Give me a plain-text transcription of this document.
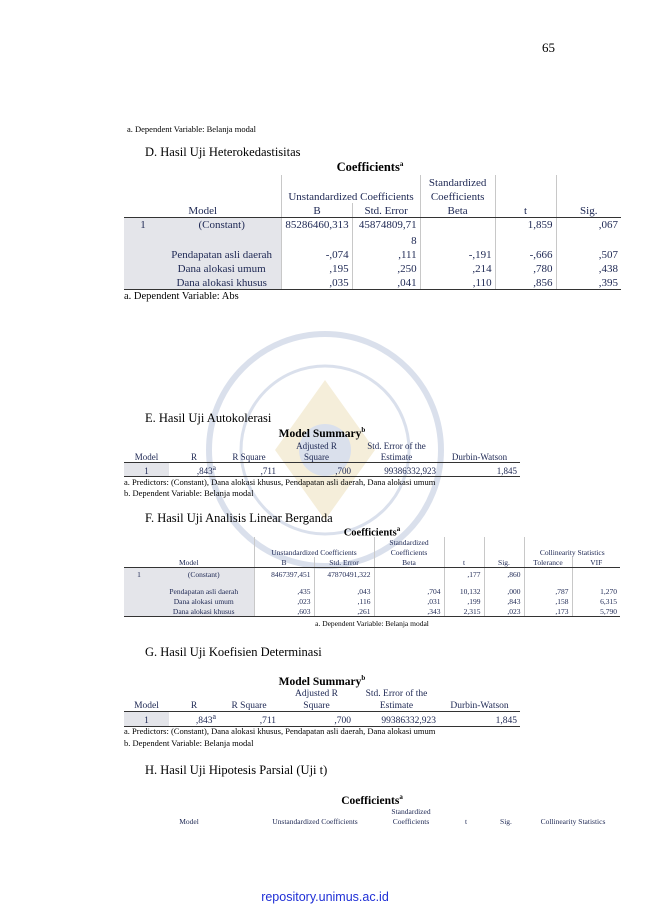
65
a. Dependent Variable: Belanja modal
D. Hasil Uji Heterokedastisitas
Coefficients$^a$
				Standardized		
		Unstandardized Coefficients		Coefficients		
Model		B	Std. Error	Beta	t	Sig.
1	(Constant)	85286460,313	45874809,71		1,859	,067
			8			
	Pendapatan asli daerah	-,074	,111	-,191	-,666	,507
	Dana alokasi umum	,195	,250	,214	,780	,438
	Dana alokasi khusus	,035	,041	,110	,856	,395
a. Dependent Variable: Abs
E. Hasil Uji Autokolerasi
Model Summary$^b$
			Adjusted R	Std. Error of the	
Model	R	R Square	Square	Estimate	Durbin-Watson
1	,843$^a$	,711	,700	99386332,923	1,845
a. Predictors: (Constant), Dana alokasi khusus, Pendapatan asli daerah, Dana alokasi umum
b. Dependent Variable: Belanja modal
F. Hasil Uji Analisis Linear Berganda
Coefficients$^a$
				Standardized				
		Unstandardized Coefficients		Coefficients			Collinearity Statistics	
Model		B	Std. Error	Beta	t	Sig.	Tolerance	VIF
1	(Constant)	8467397,451	47870491,322		,177	,860		

	Pendapatan asli daerah	,435	,043	,704	10,132	,000	,787	1,270
	Dana alokasi umum	,023	,116	,031	,199	,843	,158	6,315
	Dana alokasi khusus	,603	,261	,343	2,315	,023	,173	5,790
a. Dependent Variable: Belanja modal
G. Hasil Uji Koefisien Determinasi
Model Summary$^b$
			Adjusted R	Std. Error of the	
Model	R	R Square	Square	Estimate	Durbin-Watson
1	,843$^a$	,711	,700	99386332,923	1,845
a. Predictors: (Constant), Dana alokasi khusus, Pendapatan asli daerah, Dana alokasi umum
b. Dependent Variable: Belanja modal
H. Hasil Uji Hipotesis Parsial (Uji t)
Coefficients$^a$
		Standardized			
Model	Unstandardized Coefficients	Coefficients	t	Sig.	Collinearity Statistics
repository.unimus.ac.id
